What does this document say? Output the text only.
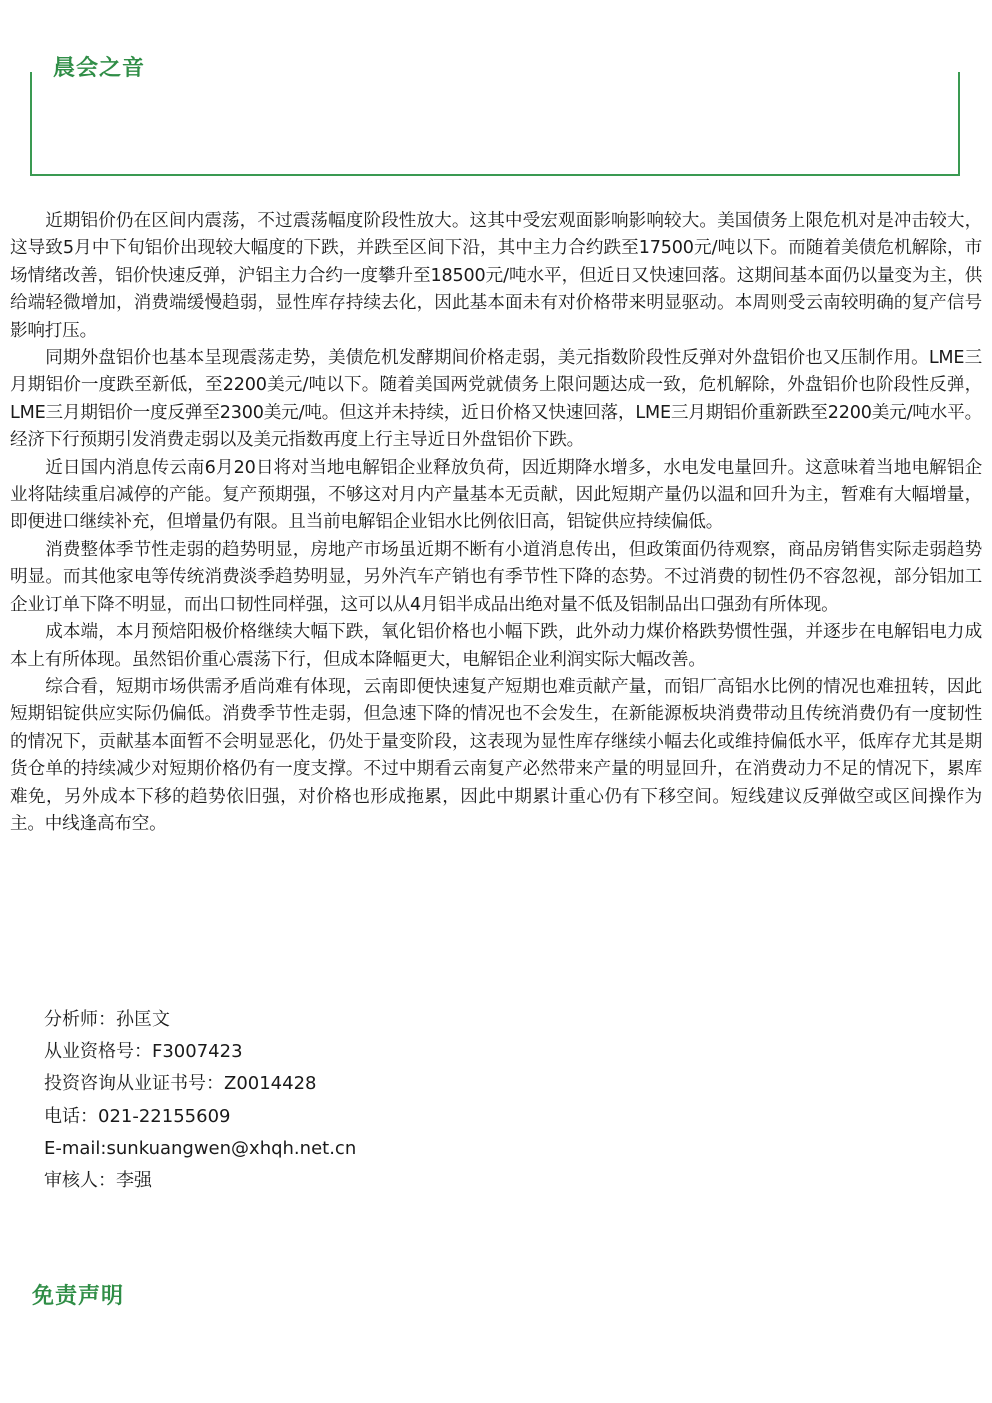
晨会之音

近期铝价仍在区间内震荡，不过震荡幅度阶段性放大。这其中受宏观面影响影响较大。美国债务上限危机对是冲击较大，这导致5月中下旬铝价出现较大幅度的下跌，并跌至区间下沿，其中主力合约跌至17500元/吨以下。而随着美债危机解除，市场情绪改善，铝价快速反弹，沪铝主力合约一度攀升至18500元/吨水平，但近日又快速回落。这期间基本面仍以量变为主，供给端轻微增加，消费端缓慢趋弱，显性库存持续去化，因此基本面未有对价格带来明显驱动。本周则受云南较明确的复产信号影响打压。

同期外盘铝价也基本呈现震荡走势，美债危机发酵期间价格走弱，美元指数阶段性反弹对外盘铝价也又压制作用。LME三月期铝价一度跌至新低，至2200美元/吨以下。随着美国两党就债务上限问题达成一致，危机解除，外盘铝价也阶段性反弹，LME三月期铝价一度反弹至2300美元/吨。但这并未持续，近日价格又快速回落，LME三月期铝价重新跌至2200美元/吨水平。经济下行预期引发消费走弱以及美元指数再度上行主导近日外盘铝价下跌。

近日国内消息传云南6月20日将对当地电解铝企业释放负荷，因近期降水增多，水电发电量回升。这意味着当地电解铝企业将陆续重启减停的产能。复产预期强，不够这对月内产量基本无贡献，因此短期产量仍以温和回升为主，暂难有大幅增量，即便进口继续补充，但增量仍有限。且当前电解铝企业铝水比例依旧高，铝锭供应持续偏低。

消费整体季节性走弱的趋势明显，房地产市场虽近期不断有小道消息传出，但政策面仍待观察，商品房销售实际走弱趋势明显。而其他家电等传统消费淡季趋势明显，另外汽车产销也有季节性下降的态势。不过消费的韧性仍不容忽视，部分铝加工企业订单下降不明显，而出口韧性同样强，这可以从4月铝半成品出绝对量不低及铝制品出口强劲有所体现。

成本端，本月预焙阳极价格继续大幅下跌，氧化铝价格也小幅下跌，此外动力煤价格跌势惯性强，并逐步在电解铝电力成本上有所体现。虽然铝价重心震荡下行，但成本降幅更大，电解铝企业利润实际大幅改善。

综合看，短期市场供需矛盾尚难有体现，云南即便快速复产短期也难贡献产量，而铝厂高铝水比例的情况也难扭转，因此短期铝锭供应实际仍偏低。消费季节性走弱，但急速下降的情况也不会发生，在新能源板块消费带动且传统消费仍有一度韧性的情况下，贡献基本面暂不会明显恶化，仍处于量变阶段，这表现为显性库存继续小幅去化或维持偏低水平，低库存尤其是期货仓单的持续减少对短期价格仍有一度支撑。不过中期看云南复产必然带来产量的明显回升，在消费动力不足的情况下，累库难免，另外成本下移的趋势依旧强，对价格也形成拖累，因此中期累计重心仍有下移空间。短线建议反弹做空或区间操作为主。中线逢高布空。

分析师：孙匡文
从业资格号：F3007423
投资咨询从业证书号：Z0014428
电话：021-22155609
E-mail:sunkuangwen@xhqh.net.cn
审核人：李强
免责声明
